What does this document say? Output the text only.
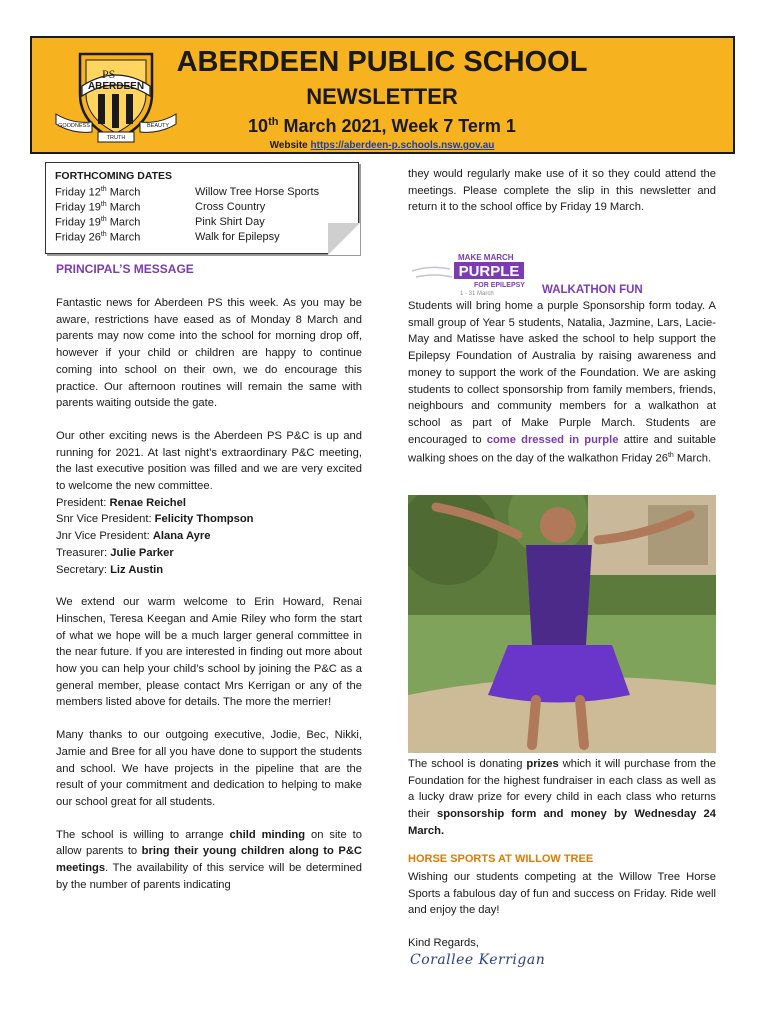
ABERDEEN
PS
GOODNESS
TRUTH
BEAUTY
ABERDEEN PUBLIC SCHOOL
NEWSLETTER
10th March 2021, Week 7 Term 1
Website https://aberdeen-p.schools.nsw.gov.au
FORTHCOMING DATES
Friday 12th March	Willow Tree Horse Sports
Friday 19th March	Cross Country
Friday 19th March	Pink Shirt Day
Friday 26th March	Walk for Epilepsy
PRINCIPAL’S MESSAGE

Fantastic news for Aberdeen PS this week. As you may be aware, restrictions have eased as of Monday 8 March and parents may now come into the school for morning drop off, however if your child or children are happy to continue coming into school on their own, we do encourage this practice. Our afternoon routines will remain the same with parents waiting outside the gate.

Our other exciting news is the Aberdeen PS P&C is up and running for 2021. At last night’s extraordinary P&C meeting, the last executive position was filled and we are very excited to welcome the new committee.

President: Renae Reichel
Snr Vice President: Felicity Thompson
Jnr Vice President: Alana Ayre
Treasurer: Julie Parker
Secretary: Liz Austin

We extend our warm welcome to Erin Howard, Renai Hinschen, Teresa Keegan and Amie Riley who form the start of what we hope will be a much larger general committee in the near future. If you are interested in finding out more about how you can help your child’s school by joining the P&C as a general member, please contact Mrs Kerrigan or any of the members listed above for details. The more the merrier!

Many thanks to our outgoing executive, Jodie, Bec, Nikki, Jamie and Bree for all you have done to support the students and school. We have projects in the pipeline that are the result of your commitment and dedication to helping to make our school great for all students.

The school is willing to arrange child minding on site to allow parents to bring their young children along to P&C meetings. The availability of this service will be determined by the number of parents indicating

they would regularly make use of it so they could attend the meetings. Please complete the slip in this newsletter and return it to the school office by Friday 19 March.
MAKE MARCH
PURPLE
FOR EPILEPSY
1 - 31 March	WALKATHON FUN
Students will bring home a purple Sponsorship form today. A small group of Year 5 students, Natalia, Jazmine, Lars, Lacie-May and Matisse have asked the school to help support the Epilepsy Foundation of Australia by raising awareness and money to support the work of the Foundation. We are asking students to collect sponsorship from family members, friends, neighbours and community members for a walkathon at school as part of Make Purple March. Students are encouraged to come dressed in purple attire and suitable walking shoes on the day of the walkathon Friday 26th March.
The school is donating prizes which it will purchase from the Foundation for the highest fundraiser in each class as well as a lucky draw prize for every child in each class who returns their sponsorship form and money by Wednesday 24 March.
HORSE SPORTS AT WILLOW TREE
Wishing our students competing at the Willow Tree Horse Sports a fabulous day of fun and success on Friday. Ride well and enjoy the day!
Kind Regards,
Corallee Kerrigan
